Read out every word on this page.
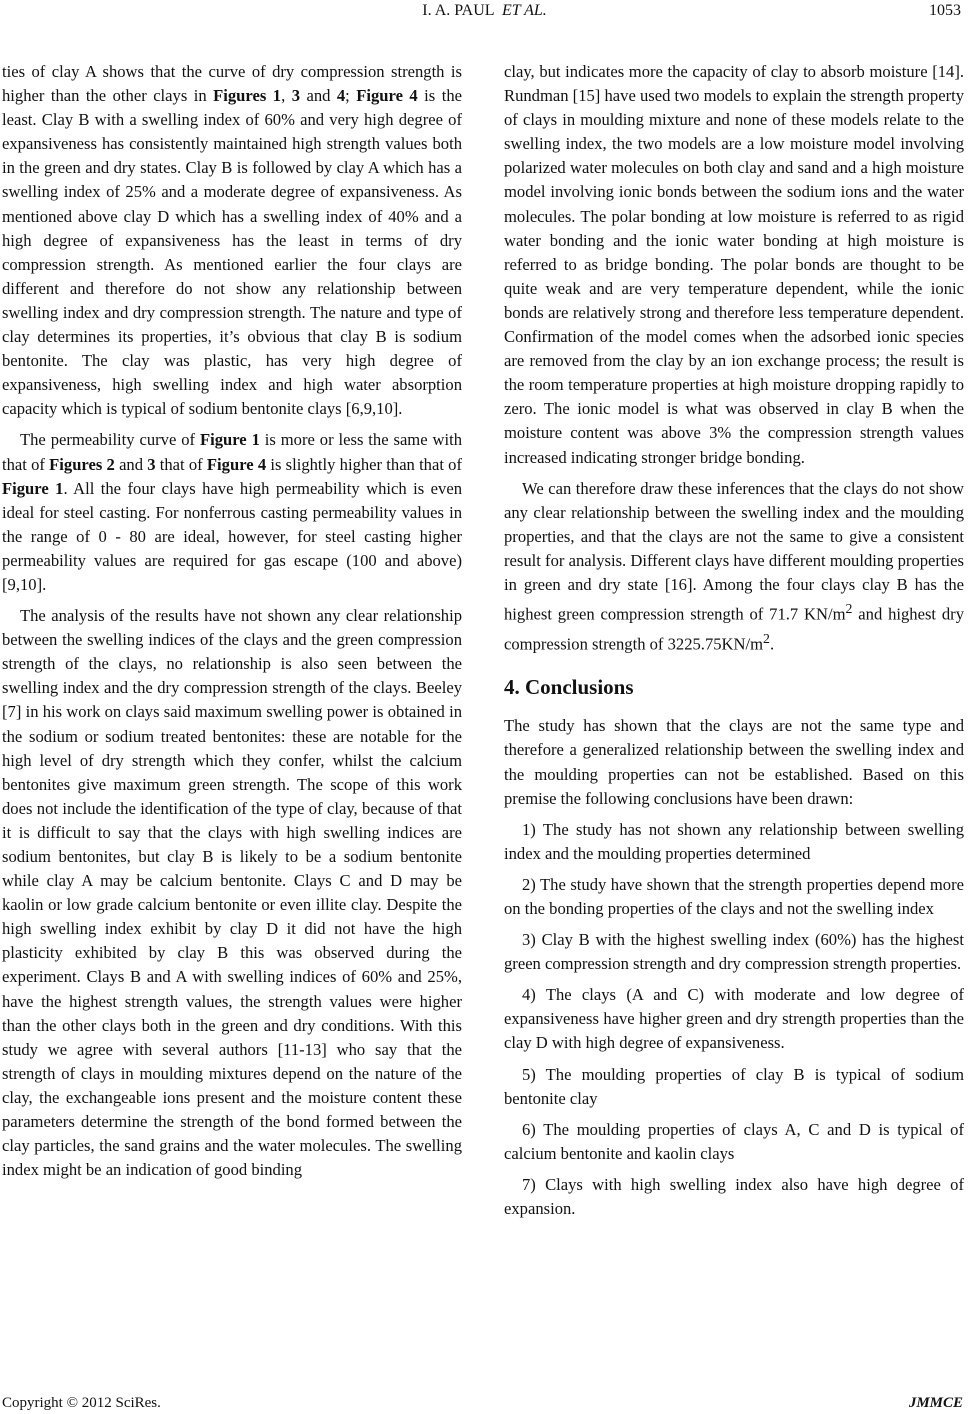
I. A. PAUL ET AL.	1053

ties of clay A shows that the curve of dry compression strength is higher than the other clays in Figures 1, 3 and 4; Figure 4 is the least. Clay B with a swelling index of 60% and very high degree of expansiveness has consistently maintained high strength values both in the green and dry states. Clay B is followed by clay A which has a swelling index of 25% and a moderate degree of expansiveness. As mentioned above clay D which has a swelling index of 40% and a high degree of expansiveness has the least in terms of dry compression strength. As mentioned earlier the four clays are different and therefore do not show any relationship between swelling index and dry compression strength. The nature and type of clay determines its properties, it’s obvious that clay B is sodium bentonite. The clay was plastic, has very high degree of expansiveness, high swelling index and high water absorption capacity which is typical of sodium bentonite clays [6,9,10].

The permeability curve of Figure 1 is more or less the same with that of Figures 2 and 3 that of Figure 4 is slightly higher than that of Figure 1. All the four clays have high permeability which is even ideal for steel casting. For nonferrous casting permeability values in the range of 0 - 80 are ideal, however, for steel casting higher permeability values are required for gas escape (100 and above) [9,10].

The analysis of the results have not shown any clear relationship between the swelling indices of the clays and the green compression strength of the clays, no relationship is also seen between the swelling index and the dry compression strength of the clays. Beeley [7] in his work on clays said maximum swelling power is obtained in the sodium or sodium treated bentonites: these are notable for the high level of dry strength which they confer, whilst the calcium bentonites give maximum green strength. The scope of this work does not include the identification of the type of clay, because of that it is difficult to say that the clays with high swelling indices are sodium bentonites, but clay B is likely to be a sodium bentonite while clay A may be calcium bentonite. Clays C and D may be kaolin or low grade calcium bentonite or even illite clay. Despite the high swelling index exhibit by clay D it did not have the high plasticity exhibited by clay B this was observed during the experiment. Clays B and A with swelling indices of 60% and 25%, have the highest strength values, the strength values were higher than the other clays both in the green and dry conditions. With this study we agree with several authors [11-13] who say that the strength of clays in moulding mixtures depend on the nature of the clay, the exchangeable ions present and the moisture content these parameters determine the strength of the bond formed between the clay particles, the sand grains and the water molecules. The swelling index might be an indication of good binding

clay, but indicates more the capacity of clay to absorb moisture [14]. Rundman [15] have used two models to explain the strength property of clays in moulding mixture and none of these models relate to the swelling index, the two models are a low moisture model involving polarized water molecules on both clay and sand and a high moisture model involving ionic bonds between the sodium ions and the water molecules. The polar bonding at low moisture is referred to as rigid water bonding and the ionic water bonding at high moisture is referred to as bridge bonding. The polar bonds are thought to be quite weak and are very temperature dependent, while the ionic bonds are relatively strong and therefore less temperature dependent. Confirmation of the model comes when the adsorbed ionic species are removed from the clay by an ion exchange process; the result is the room temperature properties at high moisture dropping rapidly to zero. The ionic model is what was observed in clay B when the moisture content was above 3% the compression strength values increased indicating stronger bridge bonding.

We can therefore draw these inferences that the clays do not show any clear relationship between the swelling index and the moulding properties, and that the clays are not the same to give a consistent result for analysis. Different clays have different moulding properties in green and dry state [16]. Among the four clays clay B has the highest green compression strength of 71.7 $KN/m^2$ and highest dry compression strength of $3225.75KN/m^2$.

4. Conclusions

The study has shown that the clays are not the same type and therefore a generalized relationship between the swelling index and the moulding properties can not be established. Based on this premise the following conclusions have been drawn:

1) The study has not shown any relationship between swelling index and the moulding properties determined

2) The study have shown that the strength properties depend more on the bonding properties of the clays and not the swelling index

3) Clay B with the highest swelling index (60%) has the highest green compression strength and dry compression strength properties.

4) The clays (A and C) with moderate and low degree of expansiveness have higher green and dry strength properties than the clay D with high degree of expansiveness.

5) The moulding properties of clay B is typical of sodium bentonite clay

6) The moulding properties of clays A, C and D is typical of calcium bentonite and kaolin clays

7) Clays with high swelling index also have high degree of expansion.

Copyright © 2012 SciRes.	JMMCE
